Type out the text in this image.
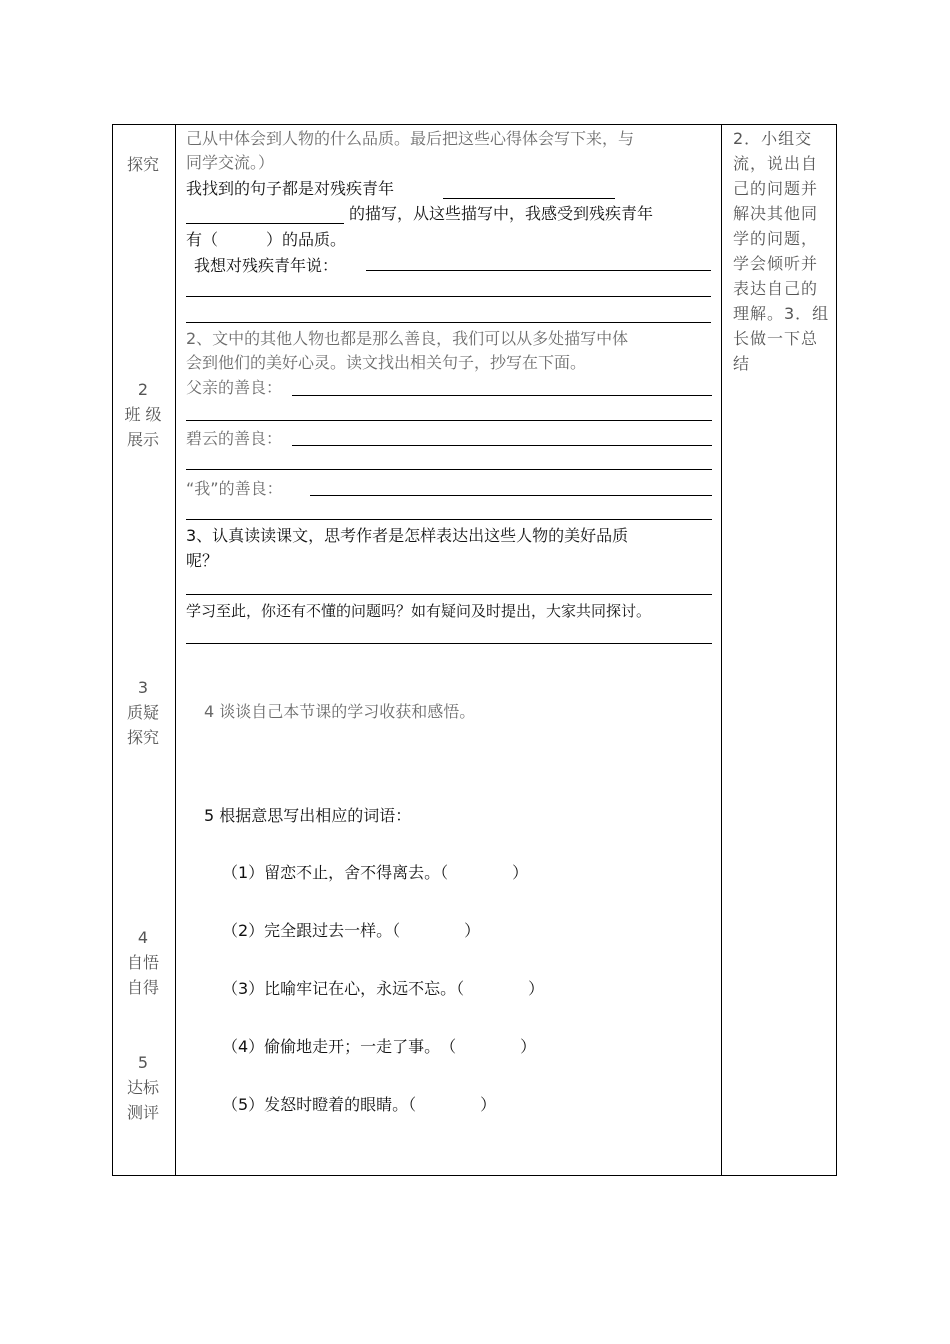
探究
2
班 级
展示
3
质疑
探究
4
自悟
自得
5
达标
测评
己从中体会到人物的什么品质。最后把这些心得体会写下来，与
同学交流。）
我找到的句子都是对残疾青年
的描写，从这些描写中，我感受到残疾青年
有（　　　）的品质。
我想对残疾青年说：
2、文中的其他人物也都是那么善良，我们可以从多处描写中体
会到他们的美好心灵。读文找出相关句子，抄写在下面。
父亲的善良：
碧云的善良：
“我”的善良：
3、认真读读课文，思考作者是怎样表达出这些人物的美好品质
呢？
学习至此，你还有不懂的问题吗？如有疑问及时提出，大家共同探讨。
4 谈谈自己本节课的学习收获和感悟。
5 根据意思写出相应的词语：
（1）留恋不止，舍不得离去。（　　　　）
（2）完全跟过去一样。（　　　　）
（3）比喻牢记在心，永远不忘。（　　　　）
（4）偷偷地走开；一走了事。　（　　　　）
（5）发怒时瞪着的眼睛。（　　　　）
2．小组交流，说出自己的问题并解决其他同学的问题，学会倾听并表达自己的理解。3．组长做一下总结
